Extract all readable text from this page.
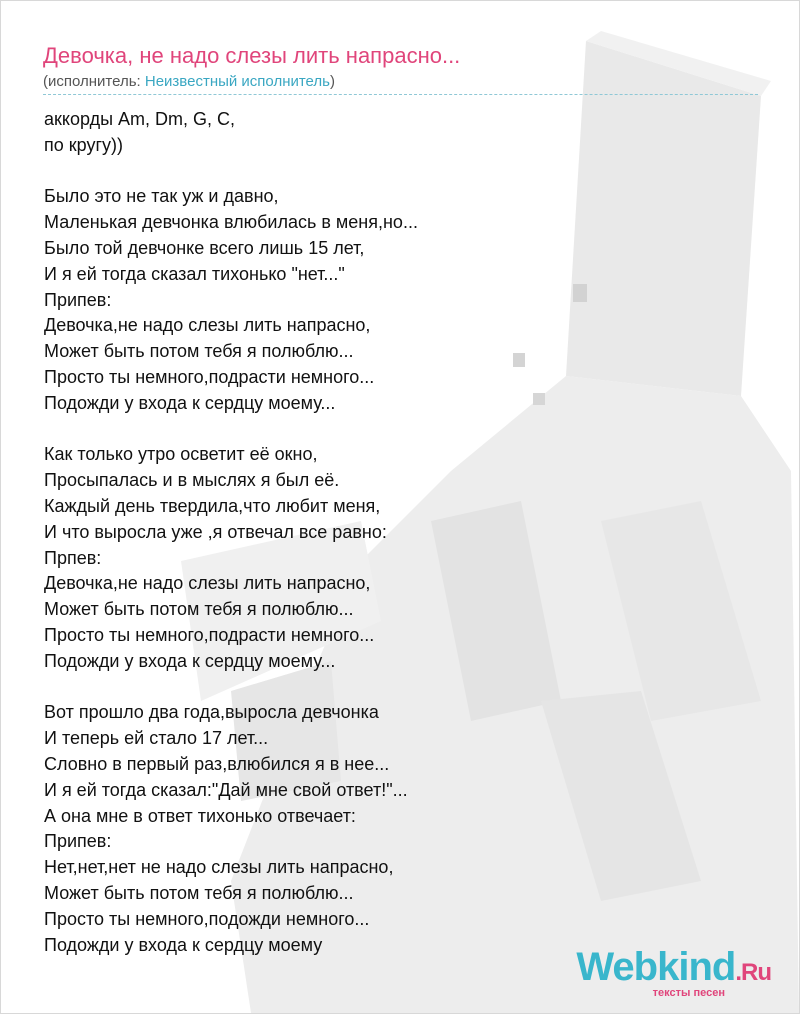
Девочка, не надо слезы лить напрасно...
(исполнитель: Неизвестный исполнитель)
аккорды Am, Dm, G, C,
по кругу))
Было это не так уж и давно,
Маленькая девчонка влюбилась в меня,но...
Было той девчонке всего лишь 15 лет,
И я ей тогда сказал тихонько "нет..."
Припев:
Девочка,не надо слезы лить напрасно,
Может быть потом тебя я полюблю...
Просто ты немного,подрасти немного...
Подожди у входа к сердцу моему...
Как только утро осветит её окно,
Просыпалась и в мыслях я был её.
Каждый день твердила,что любит меня,
И что выросла уже ,я отвечал все равно:
Прпев:
Девочка,не надо слезы лить напрасно,
Может быть потом тебя я полюблю...
Просто ты немного,подрасти немного...
Подожди у входа к сердцу моему...
Вот прошло два года,выросла девчонка
И теперь ей стало 17 лет...
Словно в первый раз,влюбился я в нее...
И я ей тогда сказал:"Дай мне свой ответ!"...
А она мне в ответ тихонько отвечает:
Припев:
Нет,нет,нет не надо слезы лить напрасно,
Может быть потом тебя я полюблю...
Просто ты немного,подожди немного...
Подожди у входа к сердцу моему
Webkind.Ru
тексты песен
